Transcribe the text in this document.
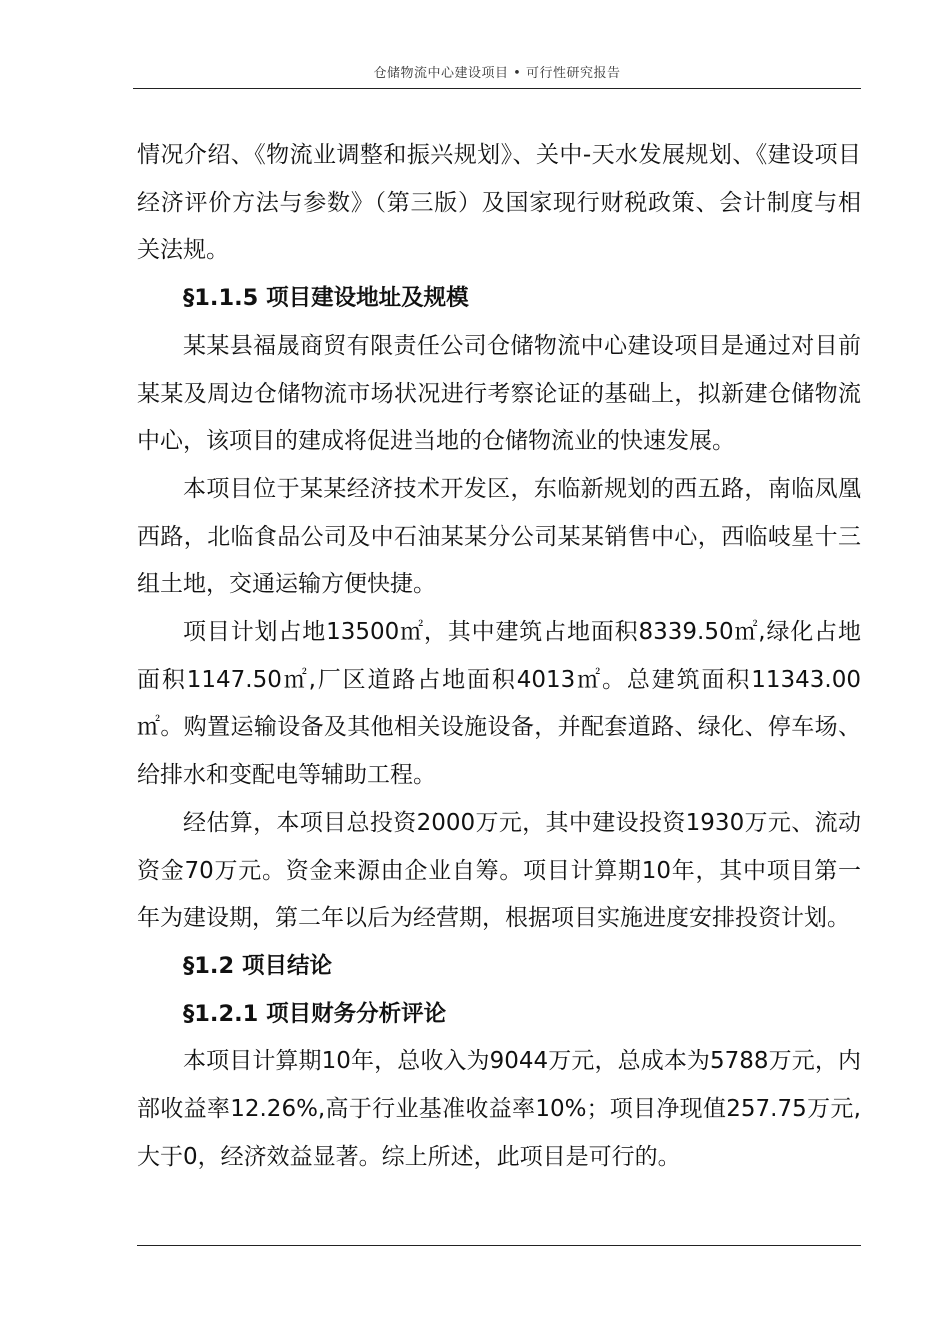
仓储物流中心建设项目 • 可行性研究报告

情况介绍、《物流业调整和振兴规划》、关中-天水发展规划、《建设项目经济评价方法与参数》（第三版）及国家现行财税政策、会计制度与相关法规。

§1.1.5 项目建设地址及规模

某某县福晟商贸有限责任公司仓储物流中心建设项目是通过对目前某某及周边仓储物流市场状况进行考察论证的基础上，拟新建仓储物流中心，该项目的建成将促进当地的仓储物流业的快速发展。

本项目位于某某经济技术开发区，东临新规划的西五路，南临凤凰西路，北临食品公司及中石油某某分公司某某销售中心，西临岐星十三组土地，交通运输方便快捷。

项目计划占地13500㎡，其中建筑占地面积8339.50㎡,绿化占地面积1147.50㎡,厂区道路占地面积4013㎡。总建筑面积11343.00㎡。购置运输设备及其他相关设施设备，并配套道路、绿化、停车场、给排水和变配电等辅助工程。

经估算，本项目总投资2000万元，其中建设投资1930万元、流动资金70万元。资金来源由企业自筹。项目计算期10年，其中项目第一年为建设期，第二年以后为经营期，根据项目实施进度安排投资计划。

§1.2 项目结论

§1.2.1 项目财务分析评论

本项目计算期10年，总收入为9044万元，总成本为5788万元，内部收益率12.26%,高于行业基准收益率10%；项目净现值257.75万元,大于0，经济效益显著。综上所述，此项目是可行的。
